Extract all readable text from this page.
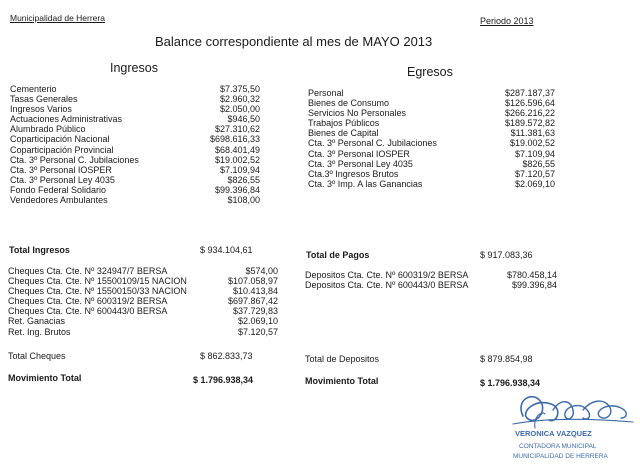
Municipalidad de Herrera	Periodo 2013
Balance correspondiente al mes de MAYO 2013
Ingresos	Egresos
Cementerio	$7.375,50
Tasas Generales	$2.960,32
Ingresos Varios	$2.050,00
Actuaciones Administrativas	$946,50
Alumbrado Público	$27.310,62
Coparticipación Nacional	$698.616,33
Coparticipación Provincial	$68.401,49
Cta. 3º Personal C. Jubilaciones	$19.002,52
Cta. 3º Personal IOSPER	$7.109,94
Cta. 3º Personal Ley 4035	$826,55
Fondo Federal Solidario	$99.396,84
Vendedores Ambulantes	$108,00
Personal	$287.187,37
Bienes de Consumo	$126.596,64
Servicios No Personales	$266.216,22
Trabajos Públicos	$189.572,82
Bienes de Capital	$11.381,63
Cta. 3º Personal C. Jubilaciones	$19.002,52
Cta. 3º Personal IOSPER	$7.109,94
Cta. 3º Personal Ley 4035	$826,55
Cta.3º Ingresos Brutos	$7.120,57
Cta. 3º Imp. A las Ganancias	$2.069,10
Total Ingresos	$ 934.104,61	Total de Pagos	$ 917.083,36
Cheques Cta. Cte. Nº 324947/7 BERSA	$574,00
Cheques Cta. Cte. Nº 15500109/15 NACION	$107.058,97
Cheques Cta. Cte. Nº 15500150/33 NACION	$10.413,84
Cheques Cta. Cte. Nº 600319/2 BERSA	$697.867,42
Cheques Cta. Cte. Nº 600443/0 BERSA	$37.729,83
Ret. Ganacias	$2.069,10
Ret. Ing. Brutos	$7.120,57
Depositos Cta. Cte. Nº 600319/2 BERSA	$780.458,14
Depositos Cta. Cte. Nº 600443/0 BERSA	$99.396,84
Total Cheques	$ 862.833,73	Total de Depositos	$ 879.854,98
Movimiento Total	$ 1.796.938,34	Movimiento Total	$ 1.796.938,34
VERONICA VAZQUEZ
CONTADORA MUNICIPAL
MUNICIPALIDAD DE HERRERA
